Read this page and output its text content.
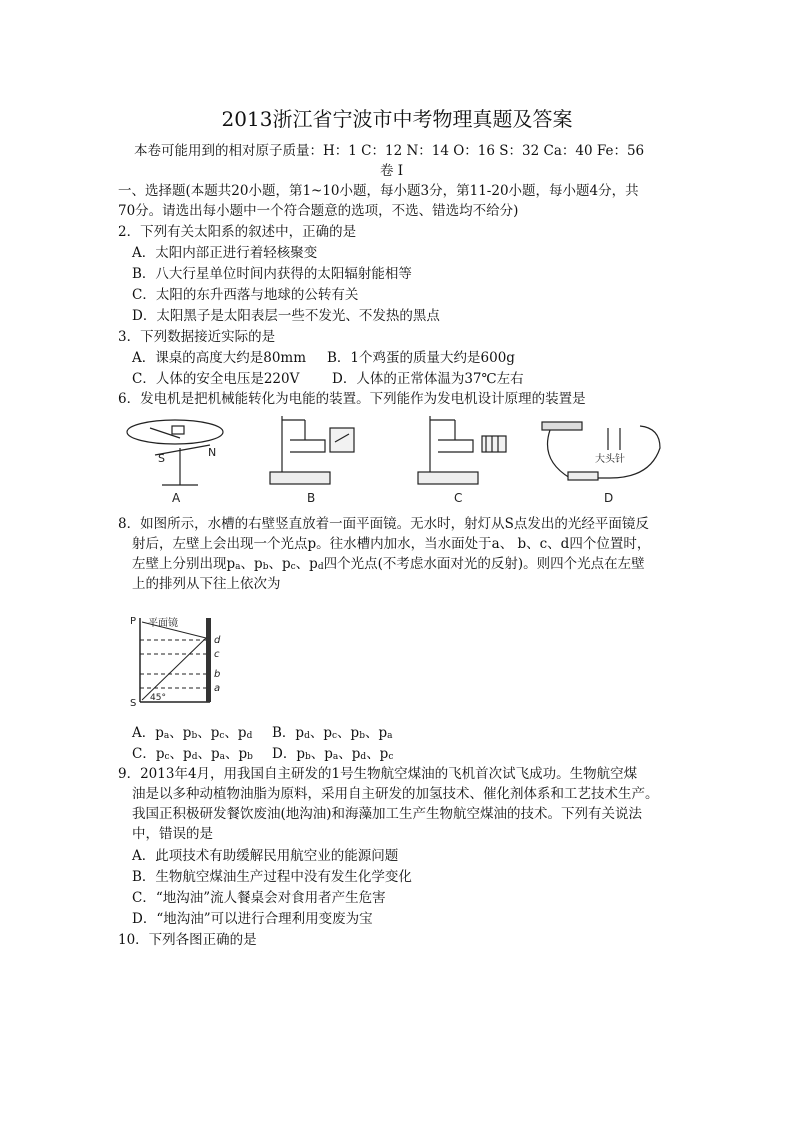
2013浙江省宁波市中考物理真题及答案
本卷可能用到的相对原子质量：H：1 C：12 N：14 O：16 S：32 Ca：40 Fe：56
卷 I
一、选择题(本题共20小题，第1~10小题，每小题3分，第11-20小题，每小题4分，共
70分。请选出每小题中一个符合题意的选项，不选、错选均不给分)
2．下列有关太阳系的叙述中，正确的是
A．太阳内部正进行着轻核聚变
B．八大行星单位时间内获得的太阳辐射能相等
C．太阳的东升西落与地球的公转有关
D．太阳黑子是太阳表层一些不发光、不发热的黑点
3．下列数据接近实际的是
A．课桌的高度大约是80mm B．1个鸡蛋的质量大约是600g
C．人体的安全电压是220V D．人体的正常体温为37℃左右
6．发电机是把机械能转化为电能的装置。下列能作为发电机设计原理的装置是
S	N
大头针
A	B	C	D
8．如图所示，水槽的右壁竖直放着一面平面镜。无水时，射灯从S点发出的光经平面镜反
射后，左壁上会出现一个光点p。往水槽内加水，当水面处于a、 b、c、d四个位置时，
左壁上分别出现$p_a$、$p_b$、$p_c$、$p_d$四个光点(不考虑水面对光的反射)。则四个光点在左壁
上的排列从下往上依次为
P 平面镜
S 45°
d
c
b
a
A．$p_a$、$p_b$、$p_c$、$p_d$ B．$p_d$、$p_c$、$p_b$、$p_a$
C．$p_c$、$p_d$、$p_a$、$p_b$ D．$p_b$、$p_a$、$p_d$、$p_c$
9．2013年4月，用我国自主研发的1号生物航空煤油的飞机首次试飞成功。生物航空煤
油是以多种动植物油脂为原料，采用自主研发的加氢技术、催化剂体系和工艺技术生产。
我国正积极研发餐饮废油(地沟油)和海藻加工生产生物航空煤油的技术。下列有关说法
中，错误的是
A．此项技术有助缓解民用航空业的能源问题
B．生物航空煤油生产过程中没有发生化学变化
C．“地沟油”流人餐桌会对食用者产生危害
D．“地沟油”可以进行合理利用变废为宝
10．下列各图正确的是
